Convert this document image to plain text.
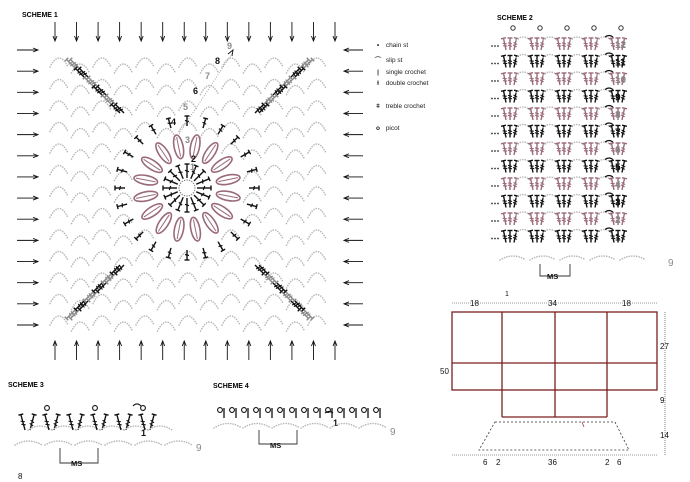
SCHEME 1	SCHEME 2
SCHEME 3	SCHEME 4
• chain st
⌒ slip st
| single crochet
ƚ double crochet
ǂ treble crochet
o picot
9
8
7
6
5
4
3
2
1
12
11
10
9
8
7
6
5
4
3
2
1
MS
9
1
MS
9
1
MS
9
8
18
1
34	18
27
9
14
50
6 2	36	2 6
